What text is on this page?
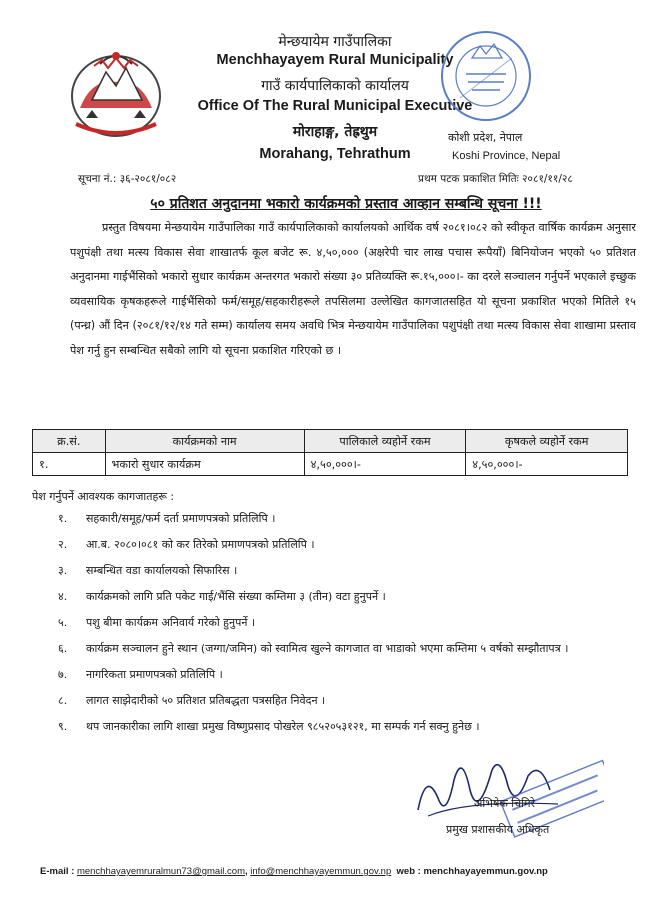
मेन्छयायेम गाउँपालिका
Menchhayayem Rural Municipality
गाउँ कार्यपालिकाको कार्यालय
Office Of The Rural Municipal Executive
मोराहाङ्ग, तेह्रथुम
Morahang, Tehrathum
कोशी प्रदेश, नेपाल
Koshi Province, Nepal
सूचना नं.: ३६-२०८१/०८२	प्रथम पटक प्रकाशित मितिः २०८१/११/२८
५० प्रतिशत अनुदानमा भकारो कार्यक्रमको प्रस्ताव आव्हान सम्बन्धि सूचना !!!
प्रस्तुत विषयमा मेन्छयायेम गाउँपालिका गाउँ कार्यपालिकाको कार्यालयको आर्थिक वर्ष २०८१।०८२ को स्वीकृत वार्षिक कार्यक्रम अनुसार पशुपंक्षी तथा मत्स्य विकास सेवा शाखातर्फ कूल बजेट रू. ४,५०,००० (अक्षरेपी चार लाख पचास रूपैयाँ) बिनियोजन भएको ५० प्रतिशत अनुदानमा गाईभैंसिको भकारो सुधार कार्यक्रम अन्तरगत भकारो संख्या ३० प्रतिव्यक्ति रू.१५,०००।- का दरले सञ्चालन गर्नुपर्ने भएकाले इच्छुक व्यवसायिक कृषकहरूले गाईभैंसिको फर्म/समूह/सहकारीहरूले तपसिलमा उल्लेखित कागजातसहित यो सूचना प्रकाशित भएको मितिले १५ (पन्ध्र) औं दिन (२०८१/१२/१४ गते सम्म) कार्यालय समय अवधि भित्र मेन्छयायेम गाउँपालिका पशुपंक्षी तथा मत्स्य विकास सेवा शाखामा प्रस्ताव पेश गर्नु हुन सम्बन्धित सबैको लागि यो सूचना प्रकाशित गरिएको छ ।
क्र.सं.	कार्यक्रमको नाम	पालिकाले व्यहोर्ने रकम	कृषकले व्यहोर्ने रकम
१.	भकारो सुधार कार्यक्रम	४,५०,०००।-	४,५०,०००।-
पेश गर्नुपर्ने आवश्यक कागजातहरू :
१.	सहकारी/समूह/फर्म दर्ता प्रमाणपत्रको प्रतिलिपि ।
२.	आ.ब. २०८०।०८१ को कर तिरेको प्रमाणपत्रको प्रतिलिपि ।
३.	सम्बन्धित वडा कार्यालयको सिफारिस ।
४.	कार्यक्रमको लागि प्रति पकेट गाई/भैंसि संख्या कम्तिमा ३ (तीन) वटा हुनुपर्ने ।
५.	पशु बीमा कार्यक्रम अनिवार्य गरेको हुनुपर्ने ।
६.	कार्यक्रम सञ्चालन हुने स्थान (जग्गा/जमिन) को स्वामित्व खुल्ने कागजात वा भाडाको भएमा कम्तिमा ५ वर्षको सम्झौतापत्र ।
७.	नागरिकता प्रमाणपत्रको प्रतिलिपि ।
८.	लागत साझेदारीको ५० प्रतिशत प्रतिबद्धता पत्रसहित निवेदन ।
९.	थप जानकारीका लागि शाखा प्रमुख विष्णुप्रसाद पोखरेल ९८५२०५३१२१, मा सम्पर्क गर्न सक्नु हुनेछ ।
अभिषेक चिमिरे
प्रमुख प्रशासकीय अधिकृत
E-mail : menchhayayemruralmun73@gmail.com, info@menchhayayemmun.gov.np web : menchhayayemmun.gov.np
